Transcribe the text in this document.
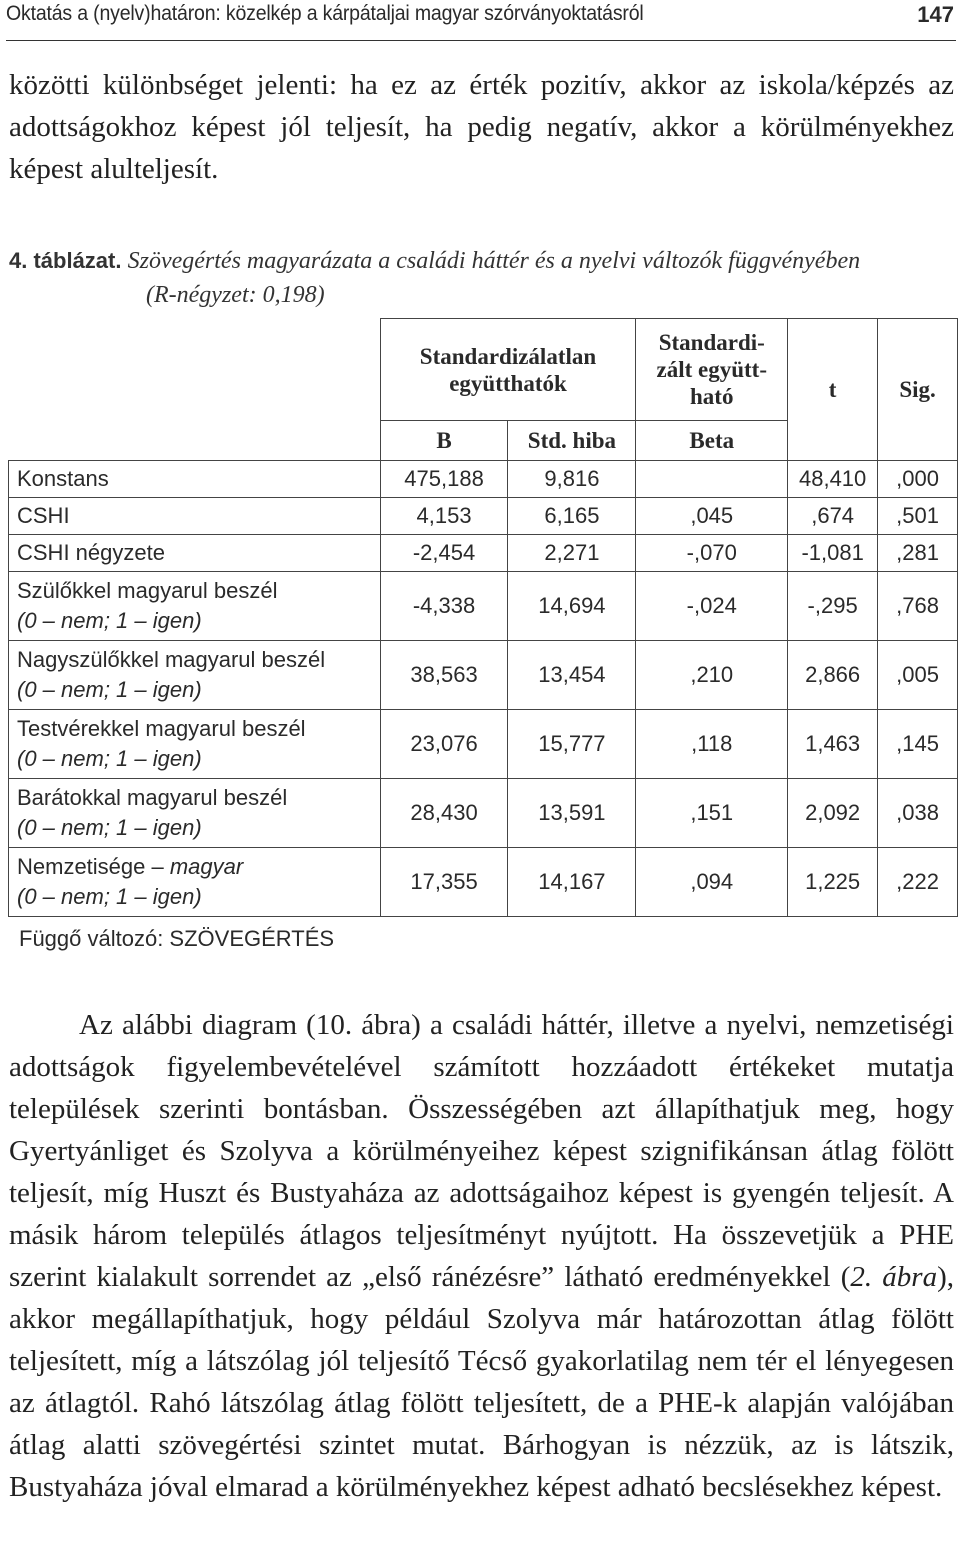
Oktatás a (nyelv)határon: közelkép a kárpátaljai magyar szórványoktatásról	147
közötti különbséget jelenti: ha ez az érték pozitív, akkor az iskola/képzés az adottságokhoz képest jól teljesít, ha pedig negatív, akkor a körülményekhez képest alulteljesít.
4. táblázat. Szövegértés magyarázata a családi háttér és a nyelvi változók függvényében
(R-négyzet: 0,198)

	Standardizálatlan együtthatók		Standardi-
zált együtt-
ható	t	Sig.
	B	Std. hiba	Beta		

Konstans	475,188	9,816		48,410	,000

CSHI	4,153	6,165	,045	,674	,501

CSHI négyzete	-2,454	2,271	-,070	-1,081	,281

Szülőkkel magyarul beszél
(0 – nem; 1 – igen)	-4,338	14,694	-,024	-,295	,768

Nagyszülőkkel magyarul beszél
(0 – nem; 1 – igen)	38,563	13,454	,210	2,866	,005

Testvérekkel magyarul beszél
(0 – nem; 1 – igen)	23,076	15,777	,118	1,463	,145

Barátokkal magyarul beszél
(0 – nem; 1 – igen)	28,430	13,591	,151	2,092	,038

Nemzetisége – magyar
(0 – nem; 1 – igen)	17,355	14,167	,094	1,225	,222
Függő változó: SZÖVEGÉRTÉS
Az alábbi diagram (10. ábra) a családi háttér, illetve a nyelvi, nemzetiségi adottságok figyelembevételével számított hozzáadott értékeket mutatja települések szerinti bontásban. Összességében azt állapíthatjuk meg, hogy Gyertyánliget és Szolyva a körülményeihez képest szignifikánsan átlag fölött teljesít, míg Huszt és Bustyaháza az adottságaihoz képest is gyengén teljesít. A másik három település átlagos teljesítményt nyújtott. Ha összevetjük a PHE szerint kialakult sorrendet az „első ránézésre” látható eredményekkel (2. ábra), akkor megállapíthatjuk, hogy például Szolyva már határozottan átlag fölött teljesített, míg a látszólag jól teljesítő Técső gyakorlatilag nem tér el lényegesen az átlagtól. Rahó látszólag átlag fölött teljesített, de a PHE-k alapján valójában átlag alatti szövegértési szintet mutat. Bárhogyan is nézzük, az is látszik, Bustyaháza jóval elmarad a körülményekhez képest adható becslésekhez képest.
